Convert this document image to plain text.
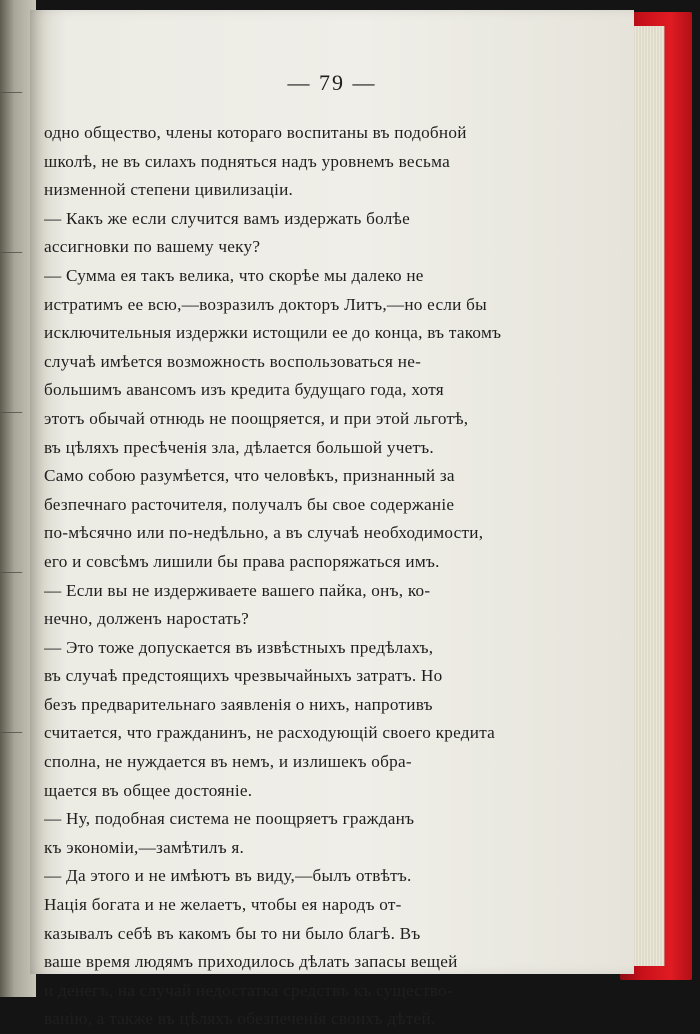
—
—
—
—
—
— 79 —
одно общество, члены котораго воспитаны въ подобной
школѣ, не въ силахъ подняться надъ уровнемъ весьма
низменной степени цивилизаціи.
— Какъ же если случится вамъ издержать болѣе
ассигновки по вашему чеку?
— Сумма ея такъ велика, что скорѣе мы далеко не
истратимъ ее всю,—возразилъ докторъ Литъ,—но если бы
исключительныя издержки истощили ее до конца, въ такомъ
случаѣ имѣется возможность воспользоваться не-
большимъ авансомъ изъ кредита будущаго года, хотя
этотъ обычай отнюдь не поощряется, и при этой льготѣ,
въ цѣляхъ пресѣченія зла, дѣлается большой учетъ.
Само собою разумѣется, что человѣкъ, признанный за
безпечнаго расточителя, получалъ бы свое содержаніе
по-мѣсячно или по-недѣльно, а въ случаѣ необходимости,
его и совсѣмъ лишили бы права распоряжаться имъ.
— Если вы не издерживаете вашего пайка, онъ, ко-
нечно, долженъ наростать?
— Это тоже допускается въ извѣстныхъ предѣлахъ,
въ случаѣ предстоящихъ чрезвычайныхъ затратъ. Но
безъ предварительнаго заявленія о нихъ, напротивъ
считается, что гражданинъ, не расходующій своего кредита
сполна, не нуждается въ немъ, и излишекъ обра-
щается въ общее достояніе.
— Ну, подобная система не поощряетъ гражданъ
къ экономіи,—замѣтилъ я.
— Да этого и не имѣютъ въ виду,—былъ отвѣтъ.
Нація богата и не желаетъ, чтобы ея народъ от-
казывалъ себѣ въ какомъ бы то ни было благѣ. Въ
ваше время людямъ приходилось дѣлать запасы вещей
и денегъ, на случай недостатка средствъ къ существо-
ванію, а также въ цѣляхъ обезпеченія своихъ дѣтей.
